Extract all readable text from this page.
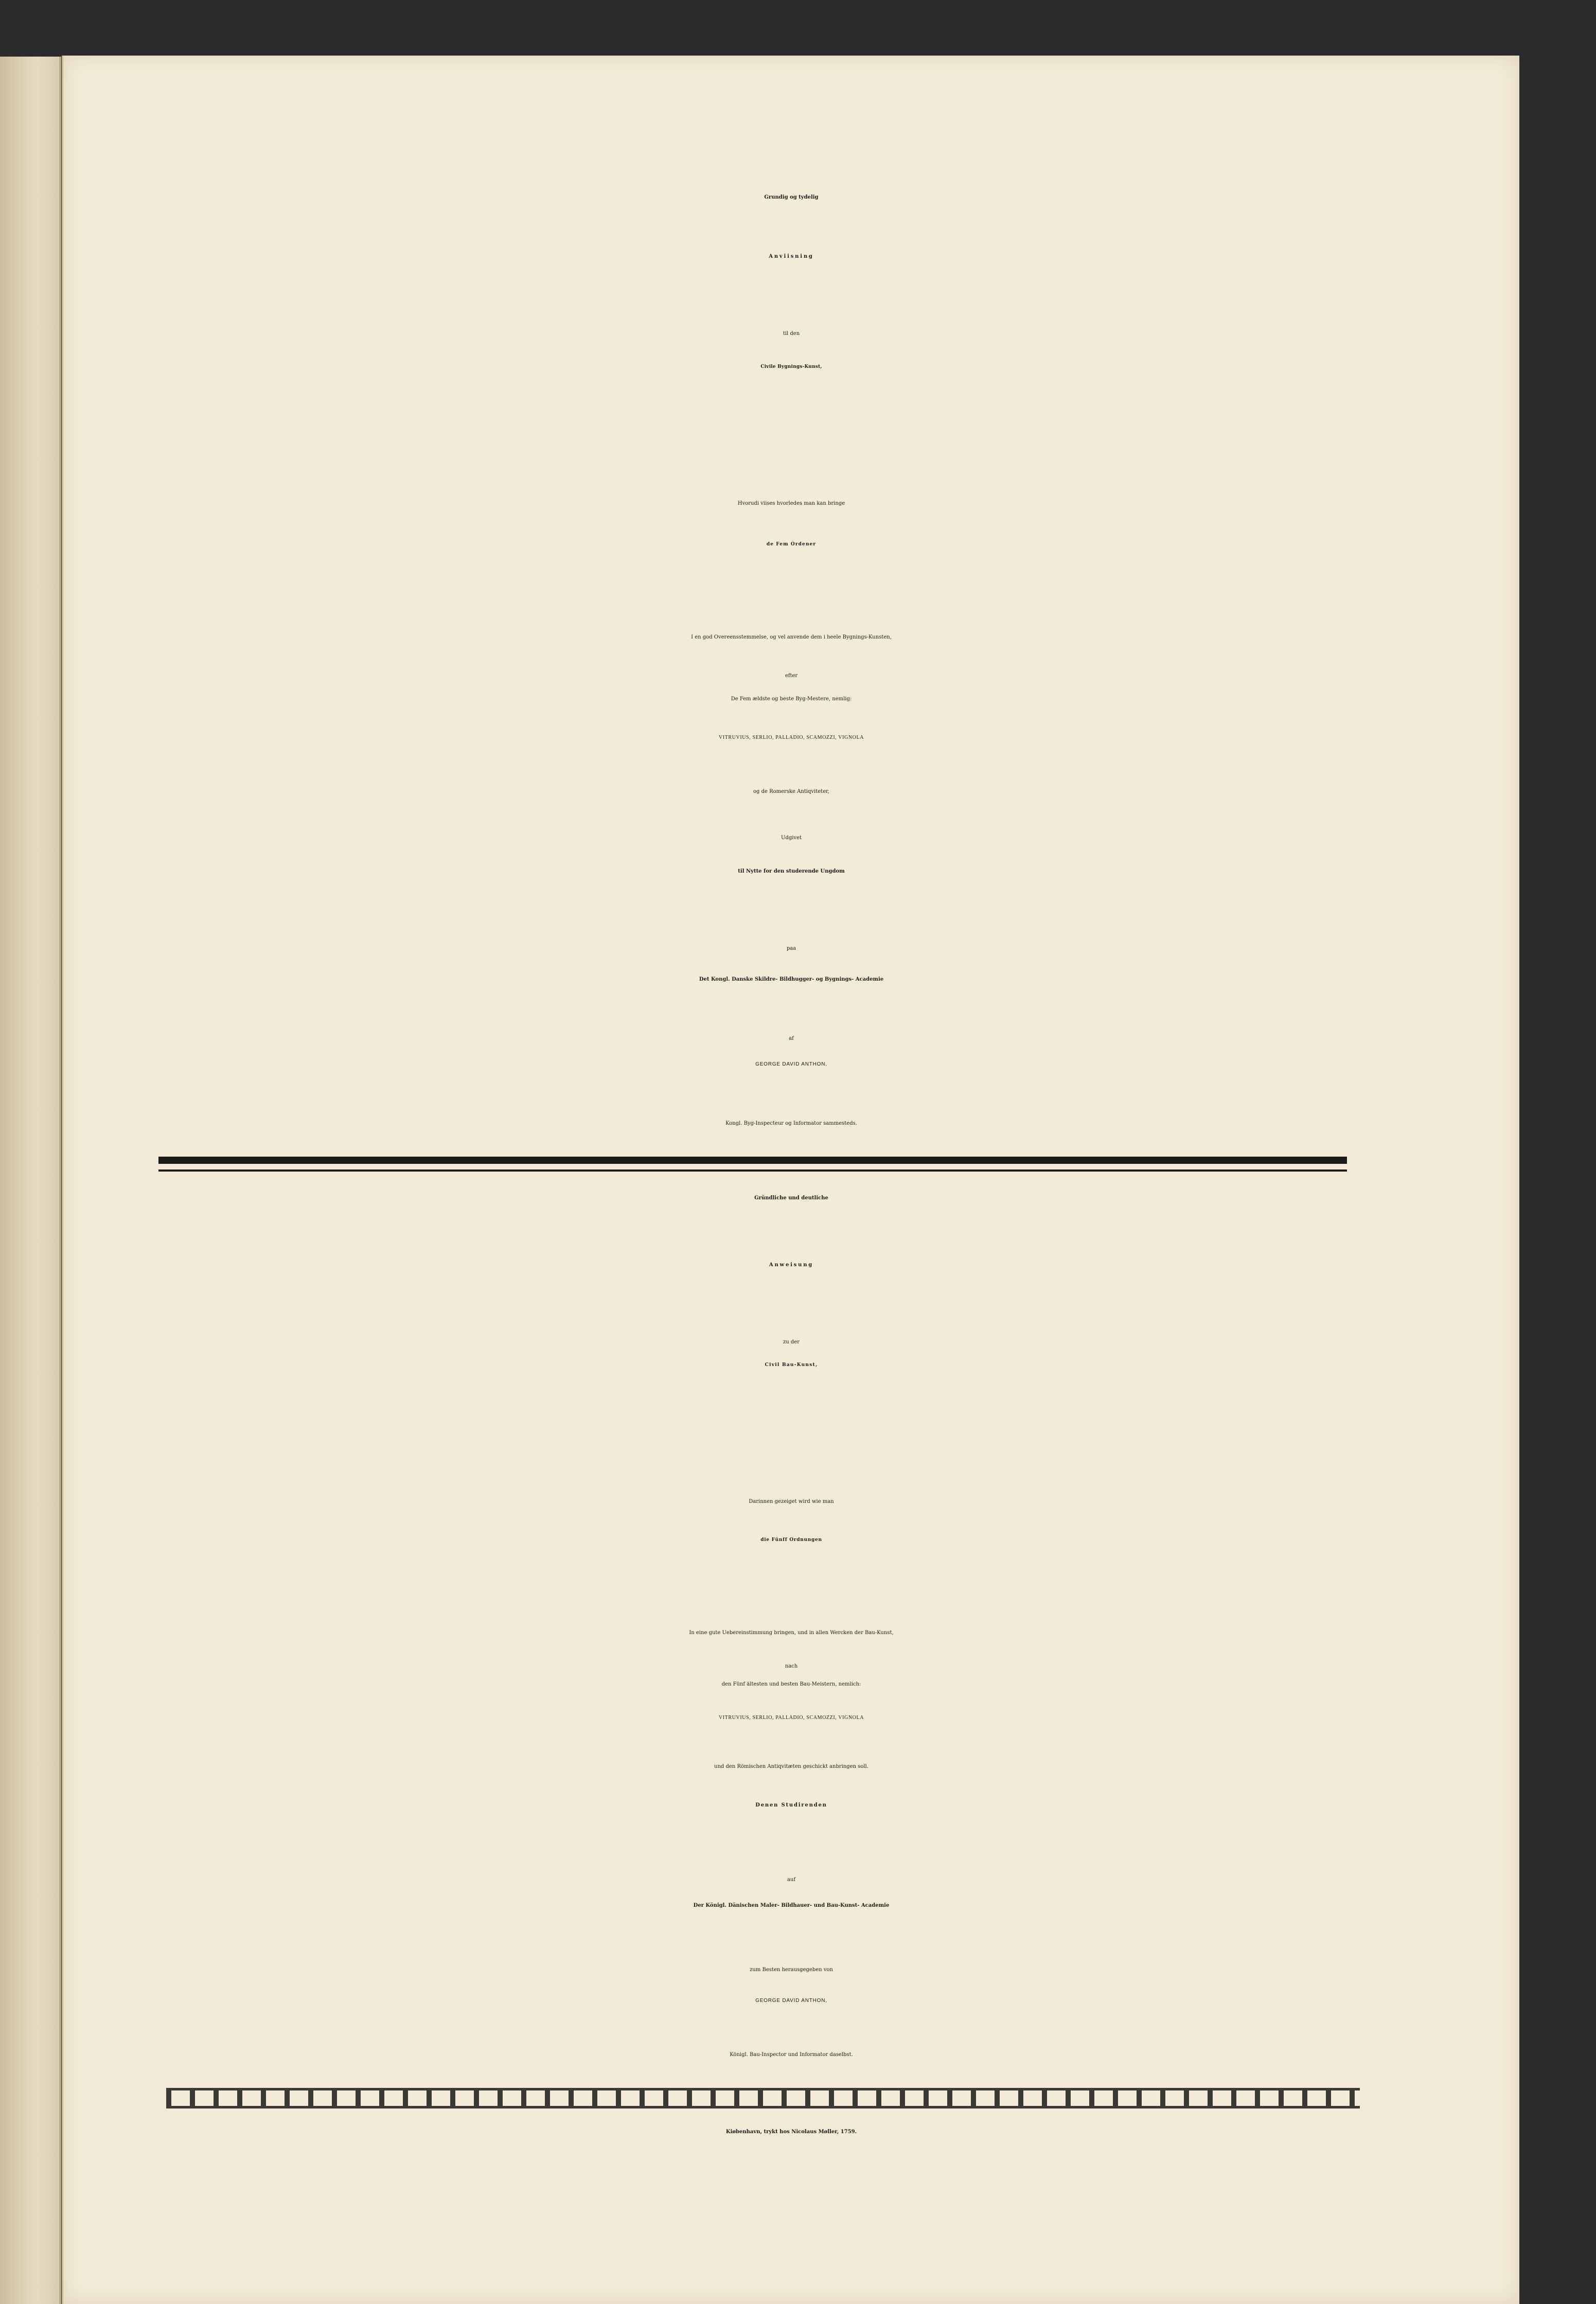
Grundig og tydelig
Anviisning
til den
Civile Bygnings-Kunst,
Hvorudi viises hvorledes man kan bringe
de Fem Ordener
I en god Overeensstemmelse, og vel anvende dem i heele Bygnings-Kunsten,
efter
De Fem ældste og beste Byg-Mestere, nemlig:
VITRUVIUS, SERLIO, PALLADIO, SCAMOZZI, VIGNOLA
og de Romerske Antiqviteter,
Udgivet
til Nytte for den studerende Ungdom
paa
Det Kongl. Danske Skildre- Bildhugger- og Bygnings- Academie
af
GEORGE DAVID ANTHON,
Kongl. Byg-Inspecteur og Informator sammesteds.
Gründliche und deutliche
Anweisung
zu der
Civil Bau-Kunst,
Darinnen gezeiget wird wie man
die Fünff Ordnungen
In eine gute Uebereinstimmung bringen, und in allen Wercken der Bau-Kunst,
nach
den Fünf ältesten und besten Bau-Meistern, nemlich:
VITRUVIUS, SERLIO, PALLADIO, SCAMOZZI, VIGNOLA
und den Römischen Antiqvitæten geschickt anbringen soll.
Denen Studirenden
auf
Der Königl. Dänischen Maler- Bildhauer- und Bau-Kunst- Academie
zum Besten herausgegeben von
GEORGE DAVID ANTHON,
Königl. Bau-Inspector und Informator daselbst.
Kiøbenhavn, trykt hos Nicolaus Møller, 1759.
